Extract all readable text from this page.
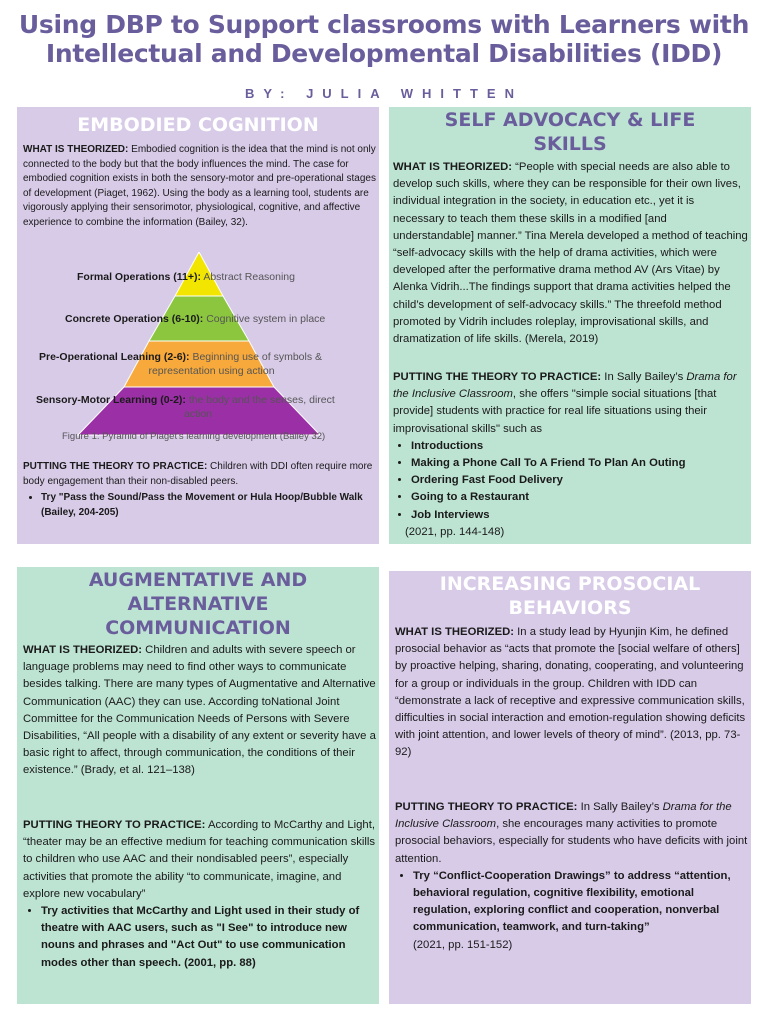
Using DBP to Support classrooms with Learners with
Intellectual and Developmental Disabilities (IDD)
BY: JULIA WHITTEN
EMBODIED COGNITION
WHAT IS THEORIZED: Embodied cognition is the idea that the mind is not only connected to the body but that the body influences the mind. The case for embodied cognition exists in both the sensory-motor and pre-operational stages of development (Piaget, 1962). Using the body as a learning tool, students are vigorously applying their sensorimotor, physiological, cognitive, and affective experience to combine the information (Bailey, 32).
Formal Operations (11+): Abstract Reasoning
Concrete Operations (6-10): Cognitive system in place
Pre-Operational Leaning (2-6): Beginning use of symbols &
representation using action
Sensory-Motor Learning (0-2): the body and the senses, direct
action
Figure 1: Pyramid of Piaget's learning development (Bailey 32)
PUTTING THE THEORY TO PRACTICE: Children with DDI often require more body engagement than their non-disabled peers.
• Try "Pass the Sound/Pass the Movement or Hula Hoop/Bubble Walk (Bailey, 204-205)
SELF ADVOCACY & LIFE
SKILLS
WHAT IS THEORIZED: “People with special needs are also able to develop such skills, where they can be responsible for their own lives, individual integration in the society, in education etc., yet it is necessary to teach them these skills in a modified [and understandable] manner.” Tina Merela developed a method of teaching “self-advocacy skills with the help of drama activities, which were developed after the performative drama method AV (Ars Vitae) by Alenka Vidrih...The findings support that drama activities helped the child’s development of self-advocacy skills.” The threefold method promoted by Vidrih includes roleplay, improvisational skills, and dramatization of life skills. (Merela, 2019)
PUTTING THE THEORY TO PRACTICE: In Sally Bailey’s Drama for the Inclusive Classroom, she offers "simple social situations [that provide] students with practice for real life situations using their improvisational skills" such as
• Introductions
• Making a Phone Call To A Friend To Plan An Outing
• Ordering Fast Food Delivery
• Going to a Restaurant
• Job Interviews
(2021, pp. 144-148)
AUGMENTATIVE AND
ALTERNATIVE
COMMUNICATION
WHAT IS THEORIZED: Children and adults with severe speech or language problems may need to find other ways to communicate besides talking. There are many types of Augmentative and Alternative Communication (AAC) they can use. According toNational Joint Committee for the Communication Needs of Persons with Severe Disabilities, “All people with a disability of any extent or severity have a basic right to affect, through communication, the conditions of their existence.” (Brady, et al. 121–138)
PUTTING THEORY TO PRACTICE: According to McCarthy and Light, “theater may be an effective medium for teaching communication skills to children who use AAC and their nondisabled peers”, especially activities that promote the ability “to communicate, imagine, and explore new vocabulary”
• Try activities that McCarthy and Light used in their study of theatre with AAC users, such as "I See" to introduce new nouns and phrases and "Act Out" to use communication modes other than speech. (2001, pp. 88)
INCREASING PROSOCIAL
BEHAVIORS
WHAT IS THEORIZED: In a study lead by Hyunjin Kim, he defined prosocial behavior as “acts that promote the [social welfare of others] by proactive helping, sharing, donating, cooperating, and volunteering for a group or individuals in the group. Children with IDD can “demonstrate a lack of receptive and expressive communication skills, difficulties in social interaction and emotion-regulation showing deficits with joint attention, and lower levels of theory of mind”. (2013, pp. 73-92)
PUTTING THEORY TO PRACTICE: In Sally Bailey’s Drama for the Inclusive Classroom, she encourages many activities to promote prosocial behaviors, especially for students who have deficits with joint attention.
• Try “Conflict-Cooperation Drawings” to address “attention, behavioral regulation, cognitive flexibility, emotional regulation, exploring conflict and cooperation, nonverbal communication, teamwork, and turn-taking”
(2021, pp. 151-152)
